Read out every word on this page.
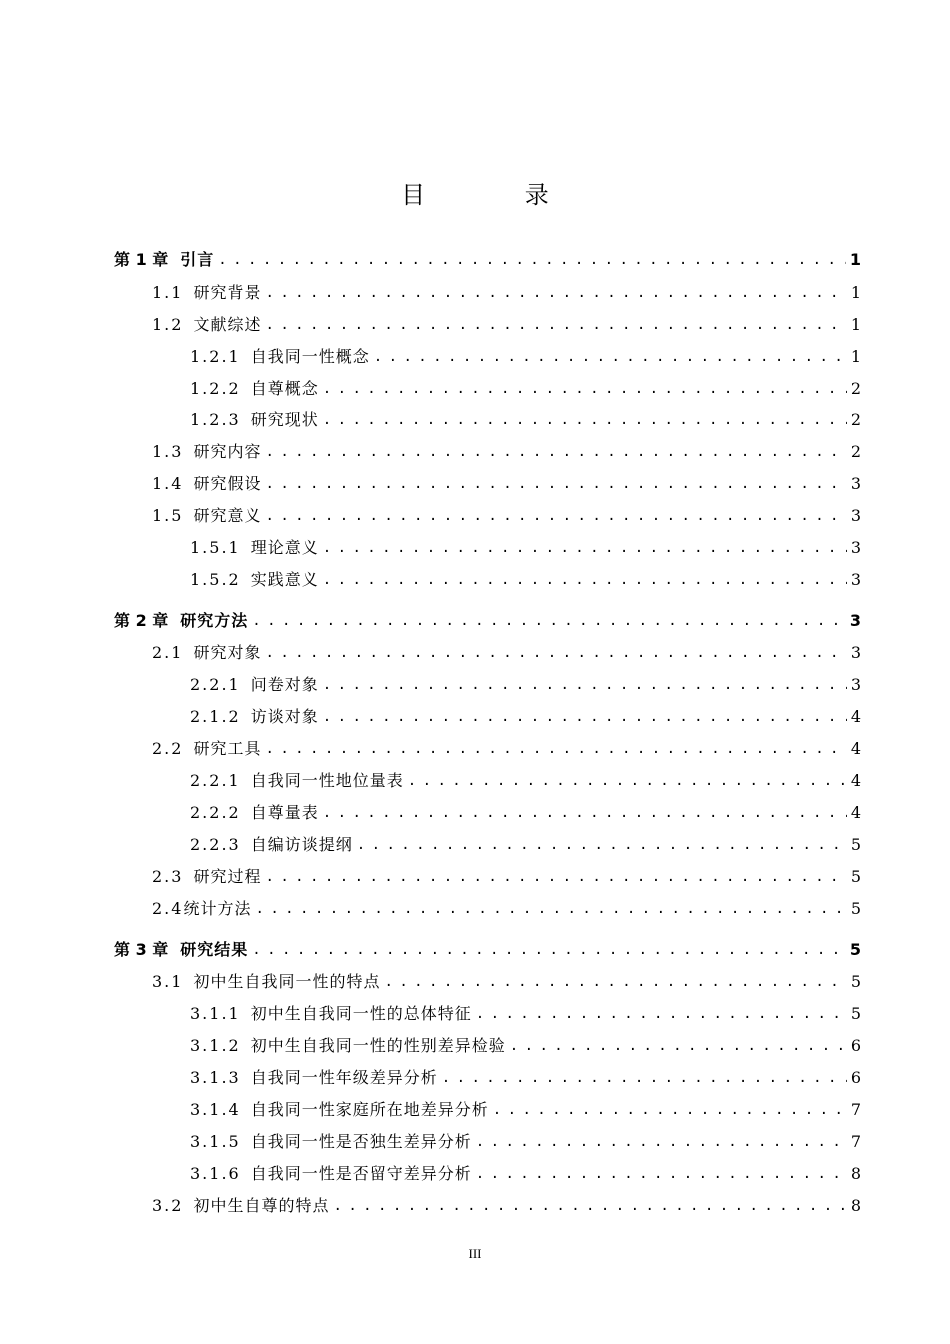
目 录
第 1 章 引言 . . .	1
1.1 研究背景 . . .	1
1.2 文献综述 . . .	1
1.2.1 自我同一性概念 . . .	1
1.2.2 自尊概念 . . .	2
1.2.3 研究现状 . . .	2
1.3 研究内容 . . .	2
1.4 研究假设 . . .	3
1.5 研究意义 . . .	3
1.5.1 理论意义 . . .	3
1.5.2 实践意义 . . .	3
第 2 章 研究方法 . . .	3
2.1 研究对象 . . .	3
2.2.1 问卷对象 . . .	3
2.1.2 访谈对象 . . .	4
2.2 研究工具 . . .	4
2.2.1 自我同一性地位量表 . . .	4
2.2.2 自尊量表 . . .	4
2.2.3 自编访谈提纲 . . .	5
2.3 研究过程 . . .	5
2.4 统计方法 . . .	5
第 3 章 研究结果 . . .	5
3.1 初中生自我同一性的特点 . . .	5
3.1.1 初中生自我同一性的总体特征 . . .	5
3.1.2 初中生自我同一性的性别差异检验 . . .	6
3.1.3 自我同一性年级差异分析 . . .	6
3.1.4 自我同一性家庭所在地差异分析 . . .	7
3.1.5 自我同一性是否独生差异分析 . . .	7
3.1.6 自我同一性是否留守差异分析 . . .	8
3.2 初中生自尊的特点 . . .	8
III
